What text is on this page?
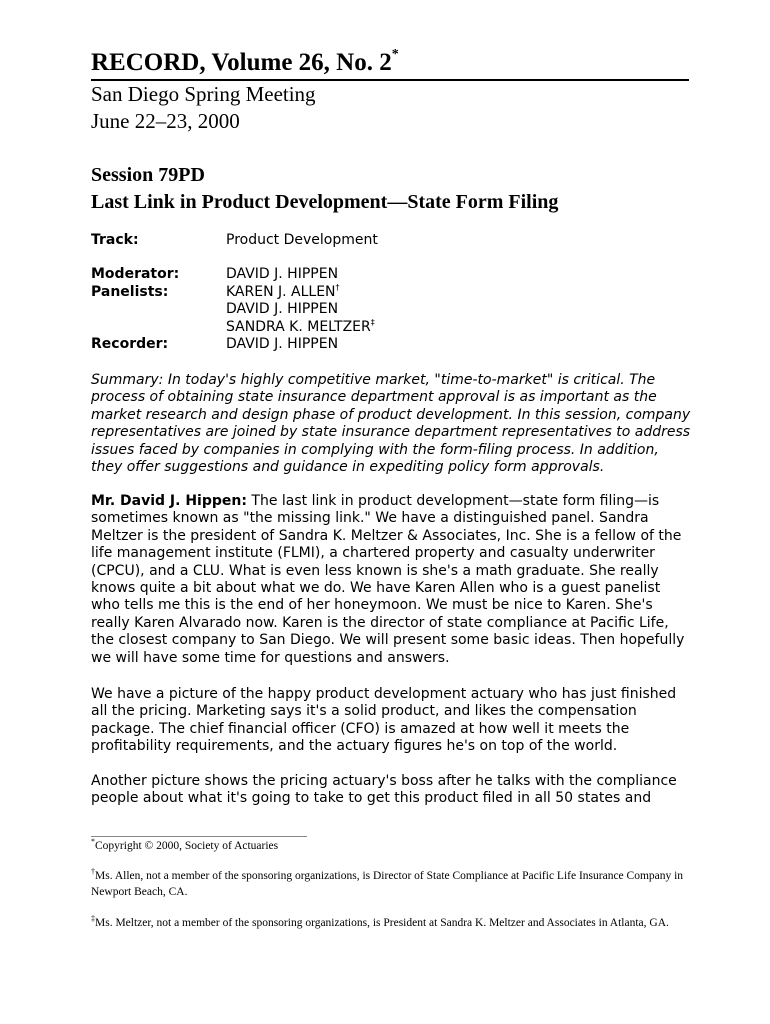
RECORD, Volume 26, No. 2*

San Diego Spring Meeting

June 22–23, 2000

Session 79PD
Last Link in Product Development—State Form Filing
Track:	Product Development
Moderator:	DAVID J. HIPPEN
Panelists:	KAREN J. ALLEN†
DAVID J. HIPPEN
SANDRA K. MELTZER‡
Recorder:	DAVID J. HIPPEN

Summary: In today's highly competitive market, "time-to-market" is critical. The process of obtaining state insurance department approval is as important as the market research and design phase of product development. In this session, company representatives are joined by state insurance department representatives to address issues faced by companies in complying with the form-filing process. In addition, they offer suggestions and guidance in expediting policy form approvals.

Mr. David J. Hippen: The last link in product development—state form filing—is sometimes known as "the missing link." We have a distinguished panel. Sandra Meltzer is the president of Sandra K. Meltzer & Associates, Inc. She is a fellow of the life management institute (FLMI), a chartered property and casualty underwriter (CPCU), and a CLU. What is even less known is she's a math graduate. She really knows quite a bit about what we do. We have Karen Allen who is a guest panelist who tells me this is the end of her honeymoon. We must be nice to Karen. She's really Karen Alvarado now. Karen is the director of state compliance at Pacific Life, the closest company to San Diego. We will present some basic ideas. Then hopefully we will have some time for questions and answers.

We have a picture of the happy product development actuary who has just finished all the pricing. Marketing says it's a solid product, and likes the compensation package. The chief financial officer (CFO) is amazed at how well it meets the profitability requirements, and the actuary figures he's on top of the world.

Another picture shows the pricing actuary's boss after he talks with the compliance people about what it's going to take to get this product filed in all 50 states and

*Copyright © 2000, Society of Actuaries

†Ms. Allen, not a member of the sponsoring organizations, is Director of State Compliance at Pacific Life Insurance Company in Newport Beach, CA.

‡Ms. Meltzer, not a member of the sponsoring organizations, is President at Sandra K. Meltzer and Associates in Atlanta, GA.
